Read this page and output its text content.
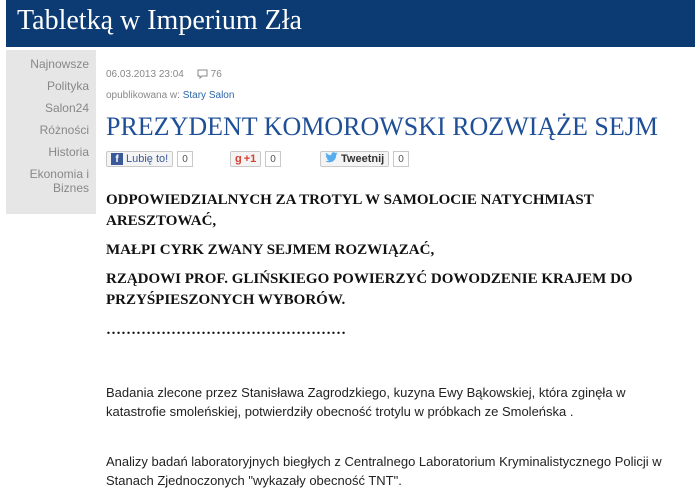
Tabletką w Imperium Zła
Najnowsze
Polityka
Salon24
Różności
Historia
Ekonomia i Biznes
06.03.2013 23:04	76
opublikowana w: Stary Salon
PREZYDENT KOMOROWSKI ROZWIĄŻE SEJM
f Lubię to!	0	g +1	0	Tweetnij	0

ODPOWIEDZIALNYCH ZA TROTYL W SAMOLOCIE NATYCHMIAST ARESZTOWAĆ,

MAŁPI CYRK ZWANY SEJMEM ROZWIĄZAĆ,

RZĄDOWI PROF. GLIŃSKIEGO POWIERZYĆ DOWODZENIE KRAJEM DO PRZYŚPIESZONYCH WYBORÓW.

…………………………………………

Badania zlecone przez Stanisława Zagrodzkiego, kuzyna Ewy Bąkowskiej, która zginęła w katastrofie smoleńskiej, potwierdziły obecność trotylu w próbkach ze Smoleńska .

Analizy badań laboratoryjnych biegłych z Centralnego Laboratorium Kryminalistycznego Policji w Stanach Zjednoczonych "wykazały obecność TNT".
